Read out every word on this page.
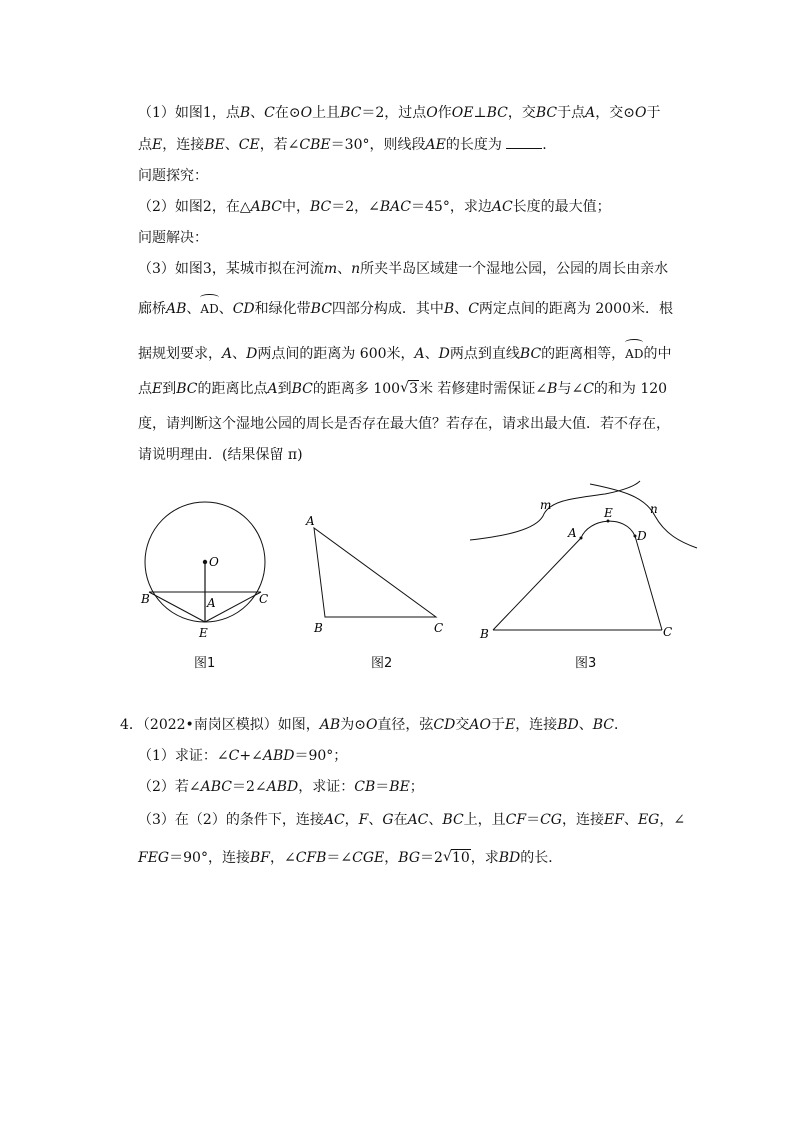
（1）如图1，点B、C在⊙O上且BC＝2，过点O作OE⊥BC，交BC于点A，交⊙O于
点E，连接BE、CE，若∠CBE＝30°，则线段AE的长度为	.
问题探究：
（2）如图2，在△ABC中，BC＝2，∠BAC＝45°，求边AC长度的最大值；
问题解决：
（3）如图3，某城市拟在河流m、n所夹半岛区域建一个湿地公园，公园的周长由亲水
廊桥AB、AD、CD和绿化带BC四部分构成．其中B、C两定点间的距离为 2000米．根
据规划要求，A、D两点间的距离为 600米，A、D两点到直线BC的距离相等，AD的中
点E到BC的距离比点A到BC的距离多 100 √ 3米 若修建时需保证∠B与∠C的和为 120
度，请判断这个湿地公园的周长是否存在最大值？若存在，请求出最大值．若不存在，
请说明理由．(结果保留 π)
O
A
B	C
E
图1
A
B	C
图2
m	n
A
E
D
B	C
图3
4．（2022•南岗区模拟）如图，AB为⊙O直径，弦CD交AO于E，连接BD、BC．
（1）求证：∠C+∠ABD＝90°；
（2）若∠ABC＝2∠ABD，求证：CB＝BE；
（3）在（2）的条件下，连接AC，F、G在AC、BC上，且CF＝CG，连接EF、EG，∠
FEG＝90°，连接BF，∠CFB＝∠CGE，BG＝2 √ 10，求BD的长．
